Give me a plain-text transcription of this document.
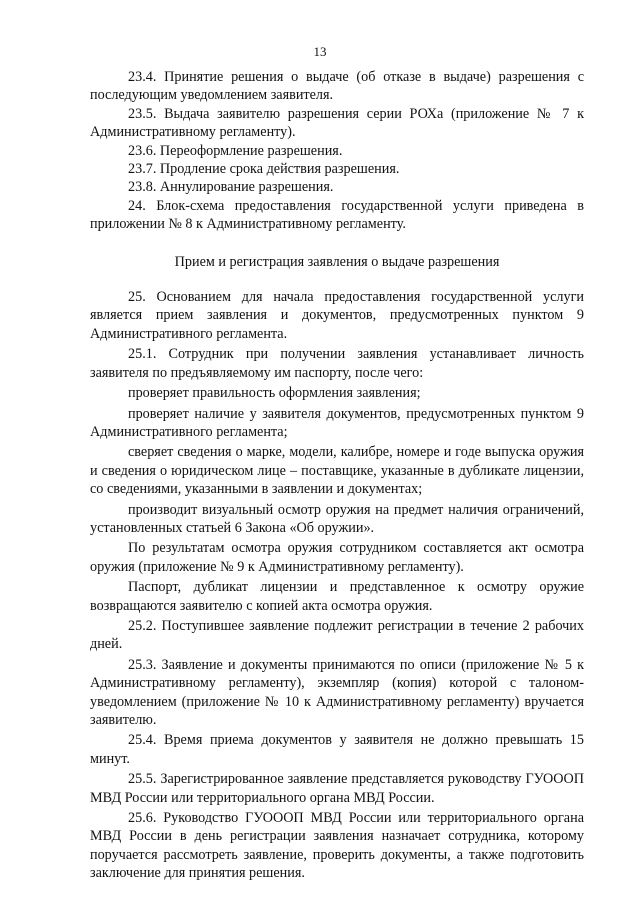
13

23.4. Принятие решения о выдаче (об отказе в выдаче) разрешения с последующим уведомлением заявителя.

23.5. Выдача заявителю разрешения серии РОХа (приложение № 7 к Административному регламенту).

23.6. Переоформление разрешения.

23.7. Продление срока действия разрешения.

23.8. Аннулирование разрешения.

24. Блок-схема предоставления государственной услуги приведена в приложении № 8 к Административному регламенту.

Прием и регистрация заявления о выдаче разрешения

25. Основанием для начала предоставления государственной услуги является прием заявления и документов, предусмотренных пунктом 9 Административного регламента.

25.1. Сотрудник при получении заявления устанавливает личность заявителя по предъявляемому им паспорту, после чего:

проверяет правильность оформления заявления;

проверяет наличие у заявителя документов, предусмотренных пунктом 9 Административного регламента;

сверяет сведения о марке, модели, калибре, номере и годе выпуска оружия и сведения о юридическом лице – поставщике, указанные в дубликате лицензии, со сведениями, указанными в заявлении и документах;

производит визуальный осмотр оружия на предмет наличия ограничений, установленных статьей 6 Закона «Об оружии».

По результатам осмотра оружия сотрудником составляется акт осмотра оружия (приложение № 9 к Административному регламенту).

Паспорт, дубликат лицензии и представленное к осмотру оружие возвращаются заявителю с копией акта осмотра оружия.

25.2. Поступившее заявление подлежит регистрации в течение 2 рабочих дней.

25.3. Заявление и документы принимаются по описи (приложение № 5 к Административному регламенту), экземпляр (копия) которой с талоном-уведомлением (приложение № 10 к Административному регламенту) вручается заявителю.

25.4. Время приема документов у заявителя не должно превышать 15 минут.

25.5. Зарегистрированное заявление представляется руководству ГУОООП МВД России или территориального органа МВД России.

25.6. Руководство ГУОООП МВД России или территориального органа МВД России в день регистрации заявления назначает сотрудника, которому поручается рассмотреть заявление, проверить документы, а также подготовить заключение для принятия решения.
